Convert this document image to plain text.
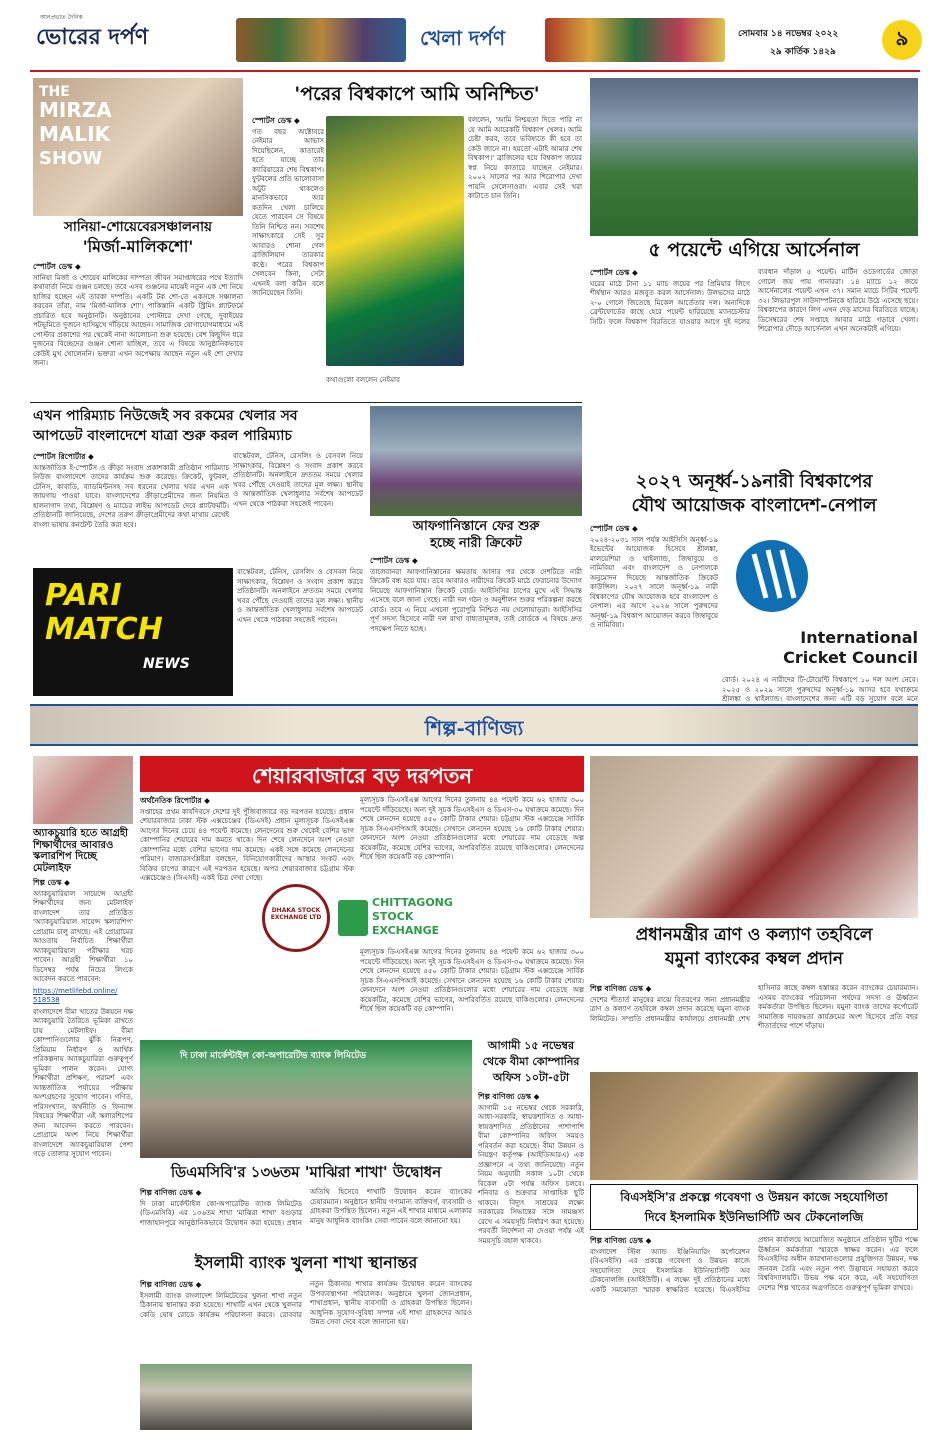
আনপ্রভাত দৈনিক
ভোরের দর্পণ	খেলা দর্পণ	সোমবার ১৪ নভেম্বর ২০২২
২৯ কার্তিক ১৪২৯
৯
THE
MIRZA
MALIK
SHOW
সানিয়া-শোয়েবেরসঞ্চালনায়
'মির্জা-মালিকশো'
স্পোর্টস ডেস্ক ◆

সানিয়া মির্জা ও শোয়েব মালিকের দাম্পত্য জীবন সমাপ্তাধরের পথে ইত্যাদি কথাবার্তা নিয়ে গুঞ্জন চলছে। তবে এসব গুঞ্জনের মাঝেই নতুন এক শো নিয়ে হাজির হচ্ছেন এই তারকা দম্পতি। একটি টক শো-তে একসঙ্গে সঞ্চালনা করবেন তাঁরা, নাম 'মির্জা-মালিক শো'। পাকিস্তানি একটি স্ট্রিমিং প্ল্যাটফর্মে প্রচারিত হবে অনুষ্ঠানটি। অনুষ্ঠানের পোস্টারে দেখা গেছে, দুবাইয়ের পটভূমিতে দুজনে হাসিমুখে দাঁড়িয়ে আছেন। সামাজিক যোগাযোগমাধ্যমে এই পোস্টার প্রকাশের পর থেকেই নানা আলোচনা শুরু হয়েছে। বেশ কিছুদিন ধরে দুজনের বিচ্ছেদের গুঞ্জন শোনা যাচ্ছিল, তবে এ বিষয়ে আনুষ্ঠানিকভাবে কেউই মুখ খোলেননি। ভক্তরা এখন অপেক্ষায় আছেন নতুন এই শো দেখার জন্য।

'পরের বিশ্বকাপে আমি অনিশ্চিত'
স্পোর্টস ডেস্ক ◆

গত বছর অক্টোবরে নেইমার আভাস দিয়েছিলেন, কাতারেই হতে যাচ্ছে তার ক্যারিয়ারের শেষ বিশ্বকাপ। ফুটবলের প্রতি ভালোবাসা অটুট থাকলেও মানসিকভাবে আর কতদিন খেলা চালিয়ে যেতে পারবেন সে বিষয়ে তিনি নিশ্চিত নন। সবশেষ সাক্ষাৎকারে সেই সুর আবারও শোনা গেল ব্রাজিলিয়ান তারকার কণ্ঠে। পরের বিশ্বকাপ খেলবেন কিনা, সেটা এখনই বলা কঠিন বলে জানিয়েছেন তিনি।

বললেন, 'আমি নিশ্চয়তা দিতে পারি না যে আমি আরেকটি বিশ্বকাপ খেলব। আমি চেষ্টা করব, তবে ভবিষ্যতে কী হবে তা কেউ জানে না। হয়তো এটাই আমার শেষ বিশ্বকাপ।' ব্রাজিলের হয়ে বিশ্বকাপ জয়ের স্বপ্ন নিয়ে কাতারে যাচ্ছেন নেইমার। ২০০২ সালের পর আর শিরোপার দেখা পায়নি সেলেসাওরা। এবার সেই খরা কাটাতে চান তিনি।

কথাগুলো বললেন নেইমার
৫ পয়েন্টে এগিয়ে আর্সেনাল
স্পোর্টস ডেস্ক ◆

ঘরের মাঠে টানা ১১ ম্যাচ জয়ের পর প্রিমিয়ার লিগে শীর্ষস্থান আরও মজবুত করল আর্সেনাল। উলভসের মাঠে ২-০ গোলে জিতেছে মিকেল আর্তেতার দল। অন্যদিকে ব্রেন্টফোর্ডের কাছে হেরে পয়েন্ট হারিয়েছে ম্যানচেস্টার সিটি। ফলে বিশ্বকাপ বিরতিতে যাওয়ার আগে দুই দলের ব্যবধান দাঁড়াল ৫ পয়েন্ট। মার্টিন ওডেগার্ডের জোড়া গোলে জয় পায় গানাররা। ১৪ ম্যাচে ১২ জয়ে আর্সেনালের পয়েন্ট এখন ৩৭। সমান ম্যাচে সিটির পয়েন্ট ৩২। লিভারপুল সাউদাম্পটনকে হারিয়ে উঠে এসেছে ছয়ে। বিশ্বকাপের কারণে লিগ এখন দেড় মাসের বিরতিতে যাচ্ছে। ডিসেম্বরের শেষ সপ্তাহে আবার মাঠে গড়াবে খেলা। শিরোপার দৌড়ে আর্সেনাল এখন অনেকটাই এগিয়ে।

এখন পারিম্যাচ নিউজেই সব রকমের খেলার সব
আপডেট বাংলাদেশে যাত্রা শুরু করল পারিম্যাচ
স্পোর্টস রিপোর্টার ◆

আন্তর্জাতিক ই-স্পোর্টস ও ক্রীড়া সংবাদ প্রকাশকারী প্রতিষ্ঠান পারিম্যাচ নিউজ বাংলাদেশে তাদের কার্যক্রম শুরু করেছে। ক্রিকেট, ফুটবল, টেনিস, কাবাডি, ব্যাডমিন্টনসহ সব ধরনের খেলার খবর এখন এক জায়গায় পাওয়া যাবে। বাংলাদেশের ক্রীড়াপ্রেমীদের জন্য নিয়মিত হালনাগাদ তথ্য, বিশ্লেষণ ও ম্যাচের লাইভ আপডেট দেবে প্ল্যাটফর্মটি। প্রতিষ্ঠানটি জানিয়েছে, দেশের তরুণ ক্রীড়াপ্রেমীদের কথা মাথায় রেখেই বাংলা ভাষায় কনটেন্ট তৈরি করা হবে।

বাস্কেটবল, টেনিস, রেসলিং ও বেসবল নিয়ে সাক্ষাৎকার, বিশ্লেষণ ও সংবাদ প্রকাশ করবে প্রতিষ্ঠানটি। অনলাইনে দ্রুততম সময়ে খেলার খবর পৌঁছে দেওয়াই তাদের মূল লক্ষ্য। স্থানীয় ও আন্তর্জাতিক খেলাধুলার সর্বশেষ আপডেট এখন থেকে পাঠকরা সহজেই পাবেন।

PARI
MATCH
NEWS

বাস্কেটবল, টেনিস, রেসলিং ও বেসবল নিয়ে সাক্ষাৎকার, বিশ্লেষণ ও সংবাদ প্রকাশ করবে প্রতিষ্ঠানটি। অনলাইনে দ্রুততম সময়ে খেলার খবর পৌঁছে দেওয়াই তাদের মূল লক্ষ্য। স্থানীয় ও আন্তর্জাতিক খেলাধুলার সর্বশেষ আপডেট এখন থেকে পাঠকরা সহজেই পাবেন।

আফগানিস্তানে ফের শুরু
হচ্ছে নারী ক্রিকেট
স্পোর্টস ডেস্ক ◆

তালেবানরা আফগানিস্তানের ক্ষমতায় আসার পর থেকে দেশটিতে নারী ক্রিকেট বন্ধ হয়ে যায়। তবে আবারও নারীদের ক্রিকেট মাঠে ফেরানোর উদ্যোগ নিয়েছে আফগানিস্তান ক্রিকেট বোর্ড। আইসিসির চাপের মুখে এই সিদ্ধান্ত এসেছে বলে জানা গেছে। নারী দল গঠন ও অনুশীলন শুরুর পরিকল্পনা করছে বোর্ড। তবে এ নিয়ে এখনো পুরোপুরি নিশ্চিত নয় খেলোয়াড়রা। আইসিসির পূর্ণ সদস্য হিসেবে নারী দল রাখা বাধ্যতামূলক, তাই বোর্ডকে এ বিষয়ে দ্রুত পদক্ষেপ নিতে হচ্ছে।

২০২৭ অনূর্ধ্ব-১৯নারী বিশ্বকাপের
যৌথ আয়োজক বাংলাদেশ-নেপাল
স্পোর্টস ডেস্ক ◆

২০২৪-২০৩১ সাল পর্যন্ত আইসিসি অনূর্ধ্ব-১৯ ইভেন্টের আয়োজক হিসেবে শ্রীলঙ্কা, মালয়েশিয়া ও থাইল্যান্ড, জিম্বাবুয়ে ও নামিবিয়া এবং বাংলাদেশ ও নেপালকে অনুমোদন দিয়েছে আন্তর্জাতিক ক্রিকেট কাউন্সিল। ২০২৭ সালে অনূর্ধ্ব-১৯ নারী বিশ্বকাপের যৌথ আয়োজক হবে বাংলাদেশ ও নেপাল। এর আগে ২০২৬ সালে পুরুষদের অনূর্ধ্ব-১৯ বিশ্বকাপ আয়োজন করবে জিম্বাবুয়ে ও নামিবিয়া।

International
Cricket Council

বোর্ড। ২০২৪ এ নারীদের টি-টোয়েন্টি বিশ্বকাপে ১০ দল অংশ নেবে। ২০২৫ ও ২০২৯ সালে পুরুষদের অনূর্ধ্ব-১৯ আসর হবে যথাক্রমে শ্রীলঙ্কা ও থাইল্যান্ড। বাংলাদেশের জন্য এটি বড় সুযোগ বলে মনে

শিল্প-বাণিজ্য
শেয়ারবাজারে বড় দরপতন
অর্থনৈতিক রিপোর্টার ◆

সপ্তাহের প্রথম কার্যদিবসে দেশের দুই পুঁজিবাজারে বড় দরপতন হয়েছে। প্রধান শেয়ারবাজার ঢাকা স্টক এক্সচেঞ্জের (ডিএসই) প্রধান মূল্যসূচক ডিএসইএক্স আগের দিনের চেয়ে ৪৪ পয়েন্ট কমেছে। লেনদেনের শুরু থেকেই বেশির ভাগ কোম্পানির শেয়ারের দাম কমতে থাকে। দিন শেষে লেনদেনে অংশ নেওয়া কোম্পানির মধ্যে বেশির ভাগের দাম কমেছে। একই সঙ্গে কমেছে লেনদেনের পরিমাণ। বাজারসংশ্লিষ্টরা বলছেন, বিনিয়োগকারীদের আস্থার সংকট এবং বিক্রির চাপের কারণে এই দরপতন হয়েছে। অপর শেয়ারবাজার চট্টগ্রাম স্টক এক্সচেঞ্জেও (সিএসই) একই চিত্র দেখা গেছে।

মূল্যসূচক ডিএসইএক্স আগের দিনের তুলনায় ৪৪ পয়েন্ট কমে ৬২ হাজার ৩০০ পয়েন্টে দাঁড়িয়েছে। অন্য দুই সূচক ডিএসইএস ও ডিএস-৩০ যথাক্রমে কমেছে। দিন শেষে লেনদেন হয়েছে ৫৫০ কোটি টাকার শেয়ার। চট্টগ্রাম স্টক এক্সচেঞ্জে সার্বিক সূচক সিএএসপিআই কমেছে। সেখানে লেনদেন হয়েছে ১৬ কোটি টাকার শেয়ার। লেনদেনে অংশ নেওয়া প্রতিষ্ঠানগুলোর মধ্যে শেয়ারের দাম বেড়েছে অল্প কয়েকটির, কমেছে বেশির ভাগের, অপরিবর্তিত রয়েছে বাকিগুলোর। লেনদেনের শীর্ষে ছিল কয়েকটি বড় কোম্পানি।

DHAKA STOCK EXCHANGE LTD
CHITTAGONG
STOCK
EXCHANGE

মূল্যসূচক ডিএসইএক্স আগের দিনের তুলনায় ৪৪ পয়েন্ট কমে ৬২ হাজার ৩০০ পয়েন্টে দাঁড়িয়েছে। অন্য দুই সূচক ডিএসইএস ও ডিএস-৩০ যথাক্রমে কমেছে। দিন শেষে লেনদেন হয়েছে ৫৫০ কোটি টাকার শেয়ার। চট্টগ্রাম স্টক এক্সচেঞ্জে সার্বিক সূচক সিএএসপিআই কমেছে। সেখানে লেনদেন হয়েছে ১৬ কোটি টাকার শেয়ার। লেনদেনে অংশ নেওয়া প্রতিষ্ঠানগুলোর মধ্যে শেয়ারের দাম বেড়েছে অল্প কয়েকটির, কমেছে বেশির ভাগের, অপরিবর্তিত রয়েছে বাকিগুলোর। লেনদেনের শীর্ষে ছিল কয়েকটি বড় কোম্পানি।

অ্যাকচুয়ারি হতে আগ্রহী শিক্ষার্থীদের আবারও স্কলারশিপ দিচ্ছে মেটলাইফ
শিল্প ডেস্ক ◆

অ্যাকচুয়ারিয়াল সায়েন্সে আগ্রহী শিক্ষার্থীদের জন্য মেটলাইফ বাংলাদেশ তার প্রতিষ্ঠিত 'অ্যাকচুয়ারিয়াল সায়েন্স স্কলারশিপ' প্রোগ্রাম চালু রাখছে। এই প্রোগ্রামের আওতায় নির্বাচিত শিক্ষার্থীরা অ্যাকচুয়ারিয়াল পরীক্ষার খরচ পাবেন। আগ্রহী শিক্ষার্থীরা ১০ ডিসেম্বর পর্যন্ত নিচের লিংকে আবেদন করতে পারবেন:

https://metlifebd.online/
518538

বাংলাদেশে বীমা খাতের উন্নয়নে দক্ষ অ্যাকচুয়ারি তৈরিতে ভূমিকা রাখতে চায় মেটলাইফ। বীমা কোম্পানিগুলোর ঝুঁকি নিরূপণ, প্রিমিয়াম নির্ধারণ ও আর্থিক পরিকল্পনায় অ্যাকচুয়ারিরা গুরুত্বপূর্ণ ভূমিকা পালন করেন। যোগ্য শিক্ষার্থীরা প্রশিক্ষণ, পরামর্শ এবং আন্তর্জাতিক পর্যায়ের পরীক্ষায় অংশগ্রহণের সুযোগ পাবেন। গণিত, পরিসংখ্যান, অর্থনীতি ও ফিন্যান্স বিষয়ের শিক্ষার্থীরা এই স্কলারশিপের জন্য আবেদন করতে পারবেন। প্রোগ্রামে অংশ নিয়ে শিক্ষার্থীরা বাংলাদেশে অ্যাকচুয়ারিয়াল পেশা গড়ে তোলার সুযোগ পাবেন।

প্রধানমন্ত্রীর ত্রাণ ও কল্যাণ তহবিলে
যমুনা ব্যাংকের কম্বল প্রদান
শিল্প বাণিজ্য ডেস্ক ◆

দেশের শীতার্ত মানুষের মাঝে বিতরণের জন্য প্রধানমন্ত্রীর ত্রাণ ও কল্যাণ তহবিলে কম্বল প্রদান করেছে যমুনা ব্যাংক লিমিটেড। সম্প্রতি প্রধানমন্ত্রীর কার্যালয়ে প্রধানমন্ত্রী শেখ হাসিনার কাছে কম্বল হস্তান্তর করেন ব্যাংকের চেয়ারম্যান। এসময় ব্যাংকের পরিচালনা পর্ষদের সদস্য ও ঊর্ধ্বতন কর্মকর্তারা উপস্থিত ছিলেন। যমুনা ব্যাংক তাদের কর্পোরেট সামাজিক দায়বদ্ধতা কার্যক্রমের অংশ হিসেবে প্রতি বছর শীতার্তদের পাশে দাঁড়ায়।

আগামী ১৫ নভেম্বর
থেকে বীমা কোম্পানির
অফিস ১০টা-৫টা
শিল্প বাণিজ্য ডেস্ক ◆

আগামী ১৫ নভেম্বর থেকে সরকারি, আধা-সরকারি, স্বায়ত্তশাসিত ও আধা-স্বায়ত্তশাসিত প্রতিষ্ঠানের পাশাপাশি বীমা কোম্পানির অফিস সময়ও পরিবর্তন করা হয়েছে। বীমা উন্নয়ন ও নিয়ন্ত্রণ কর্তৃপক্ষ (আইডিআরএ) এক প্রজ্ঞাপনে এ তথ্য জানিয়েছে। নতুন নিয়ম অনুযায়ী সকাল ১০টা থেকে বিকেল ৫টা পর্যন্ত অফিস চলবে। শনিবার ও শুক্রবার সাপ্তাহিক ছুটি থাকবে। বিদ্যুৎ সাশ্রয়ের লক্ষ্যে সরকারের সিদ্ধান্তের সঙ্গে সামঞ্জস্য রেখে এ সময়সূচি নির্ধারণ করা হয়েছে। পরবর্তী নির্দেশনা না দেওয়া পর্যন্ত এই সময়সূচি বহাল থাকবে।

দি ঢাকা মার্কেন্টাইল কো-অপারেটিভ ব্যাংক লিমিটেড
ডিএমসিবি'র ১৩৬তম 'মাঝিরা শাখা' উদ্বোধন
শিল্প বাণিজ্য ডেস্ক ◆

দি ঢাকা মার্কেন্টাইল কো-অপারেটিভ ব্যাংক লিমিটেড (ডিএমসিবি) এর ১৩৬তম শাখা 'মাঝিরা শাখা' বগুড়ার শাজাহানপুরে আনুষ্ঠানিকভাবে উদ্বোধন করা হয়েছে। প্রধান অতিথি হিসেবে শাখাটি উদ্বোধন করেন ব্যাংকের চেয়ারম্যান। অনুষ্ঠানে স্থানীয় গণ্যমান্য ব্যক্তিবর্গ, ব্যবসায়ী ও গ্রাহকরা উপস্থিত ছিলেন। নতুন এই শাখার মাধ্যমে এলাকার মানুষ আধুনিক ব্যাংকিং সেবা পাবেন বলে জানানো হয়।

ইসলামী ব্যাংক খুলনা শাখা স্থানান্তর
শিল্প বাণিজ্য ডেস্ক ◆

ইসলামী ব্যাংক বাংলাদেশ লিমিটেডের খুলনা শাখা নতুন ঠিকানায় স্থানান্তর করা হয়েছে। শাখাটি এখন থেকে খুলনার কেডি ঘোষ রোডে কার্যক্রম পরিচালনা করবে। রোববার নতুন ঠিকানায় শাখার কার্যক্রম উদ্বোধন করেন ব্যাংকের উপব্যবস্থাপনা পরিচালক। অনুষ্ঠানে খুলনা জোনপ্রধান, শাখাপ্রধান, স্থানীয় ব্যবসায়ী ও গ্রাহকরা উপস্থিত ছিলেন। আধুনিক সুযোগ-সুবিধা সম্পন্ন এই শাখা গ্রাহকদের আরও উন্নত সেবা দেবে বলে জানানো হয়।

বিএসইসি'র প্রকল্পে গবেষণা ও উন্নয়ন কাজে সহযোগিতা
দিবে ইসলামিক ইউনিভার্সিটি অব টেকনোলজি
শিল্প বাণিজ্য ডেস্ক ◆

বাংলাদেশ স্টিল অ্যান্ড ইঞ্জিনিয়ারিং কর্পোরেশন (বিএসইসি) এর প্রকল্পে গবেষণা ও উন্নয়ন কাজে সহযোগিতা দেবে ইসলামিক ইউনিভার্সিটি অব টেকনোলজি (আইইউটি)। এ লক্ষ্যে দুই প্রতিষ্ঠানের মধ্যে একটি সমঝোতা স্মারক স্বাক্ষরিত হয়েছে। বিএসইসির প্রধান কার্যালয়ে আয়োজিত অনুষ্ঠানে প্রতিষ্ঠান দুটির পক্ষে ঊর্ধ্বতন কর্মকর্তারা স্মারকে স্বাক্ষর করেন। এর ফলে বিএসইসির অধীন কারখানাগুলোর প্রযুক্তিগত উন্নয়ন, দক্ষ জনবল তৈরি এবং নতুন পণ্য উদ্ভাবনে সহায়তা করবে বিশ্ববিদ্যালয়টি। উভয় পক্ষ মনে করে, এই সহযোগিতা দেশের শিল্প খাতের অগ্রগতিতে গুরুত্বপূর্ণ ভূমিকা রাখবে।
